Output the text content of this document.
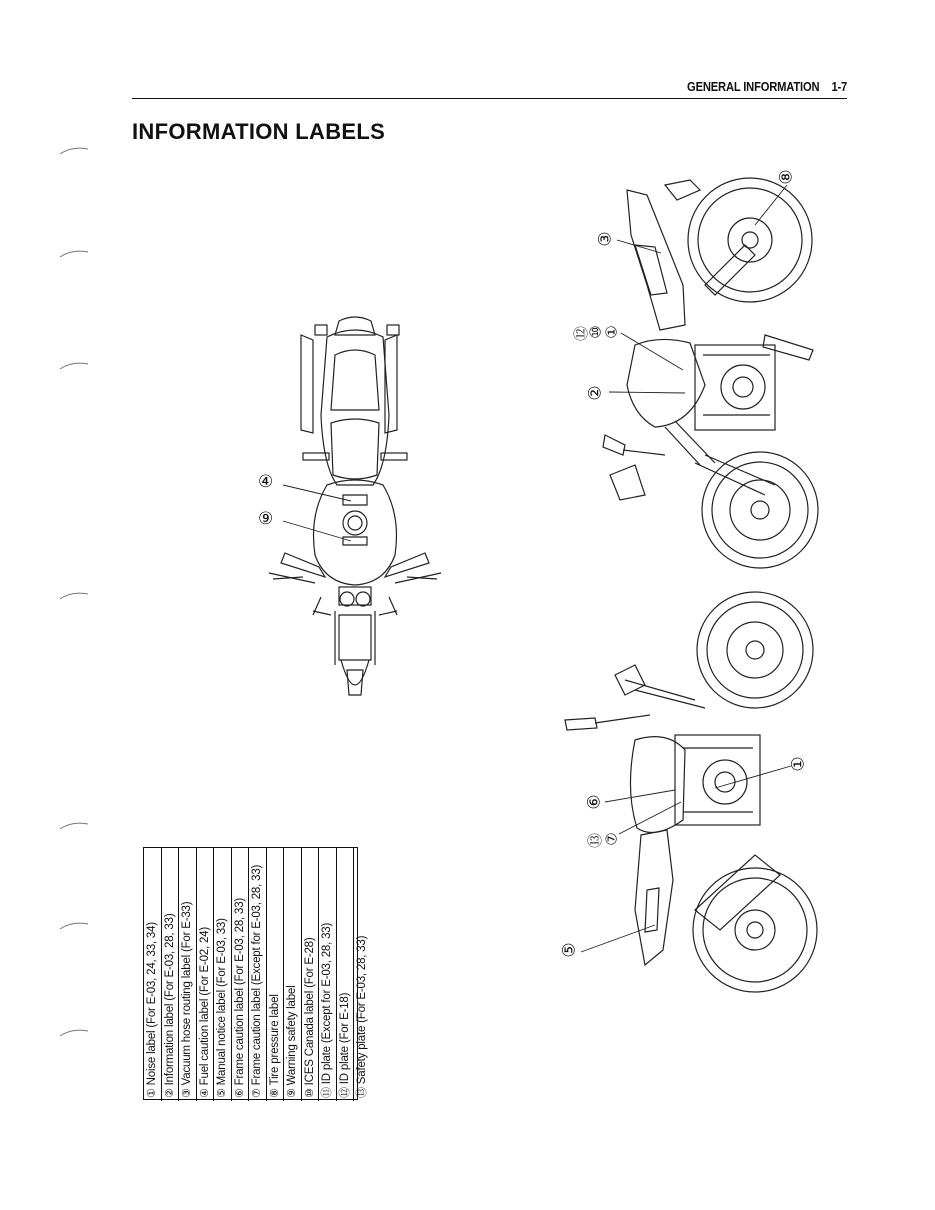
GENERAL INFORMATION 1-7
INFORMATION LABELS
④
⑨
⑧
③
⑫
⑩
①
②
①
⑥
⑬
⑦
⑤
①Noise label (For E-03, 24, 33, 34)
②Information label (For E-03, 28, 33)
③Vacuum hose routing label (For E-33)
④Fuel caution label (For E-02, 24)
⑤Manual notice label (For E-03, 33)
⑥Frame caution label (For E-03, 28, 33)
⑦Frame caution label (Except for E-03, 28, 33)
⑧Tire pressure label
⑨Warning safety label
⑩ICES Canada label (For E-28)
⑪ID plate (Except for E-03, 28, 33)
⑫ID plate (For E-18)
⑬Safety plate (For E-03, 28, 33)
